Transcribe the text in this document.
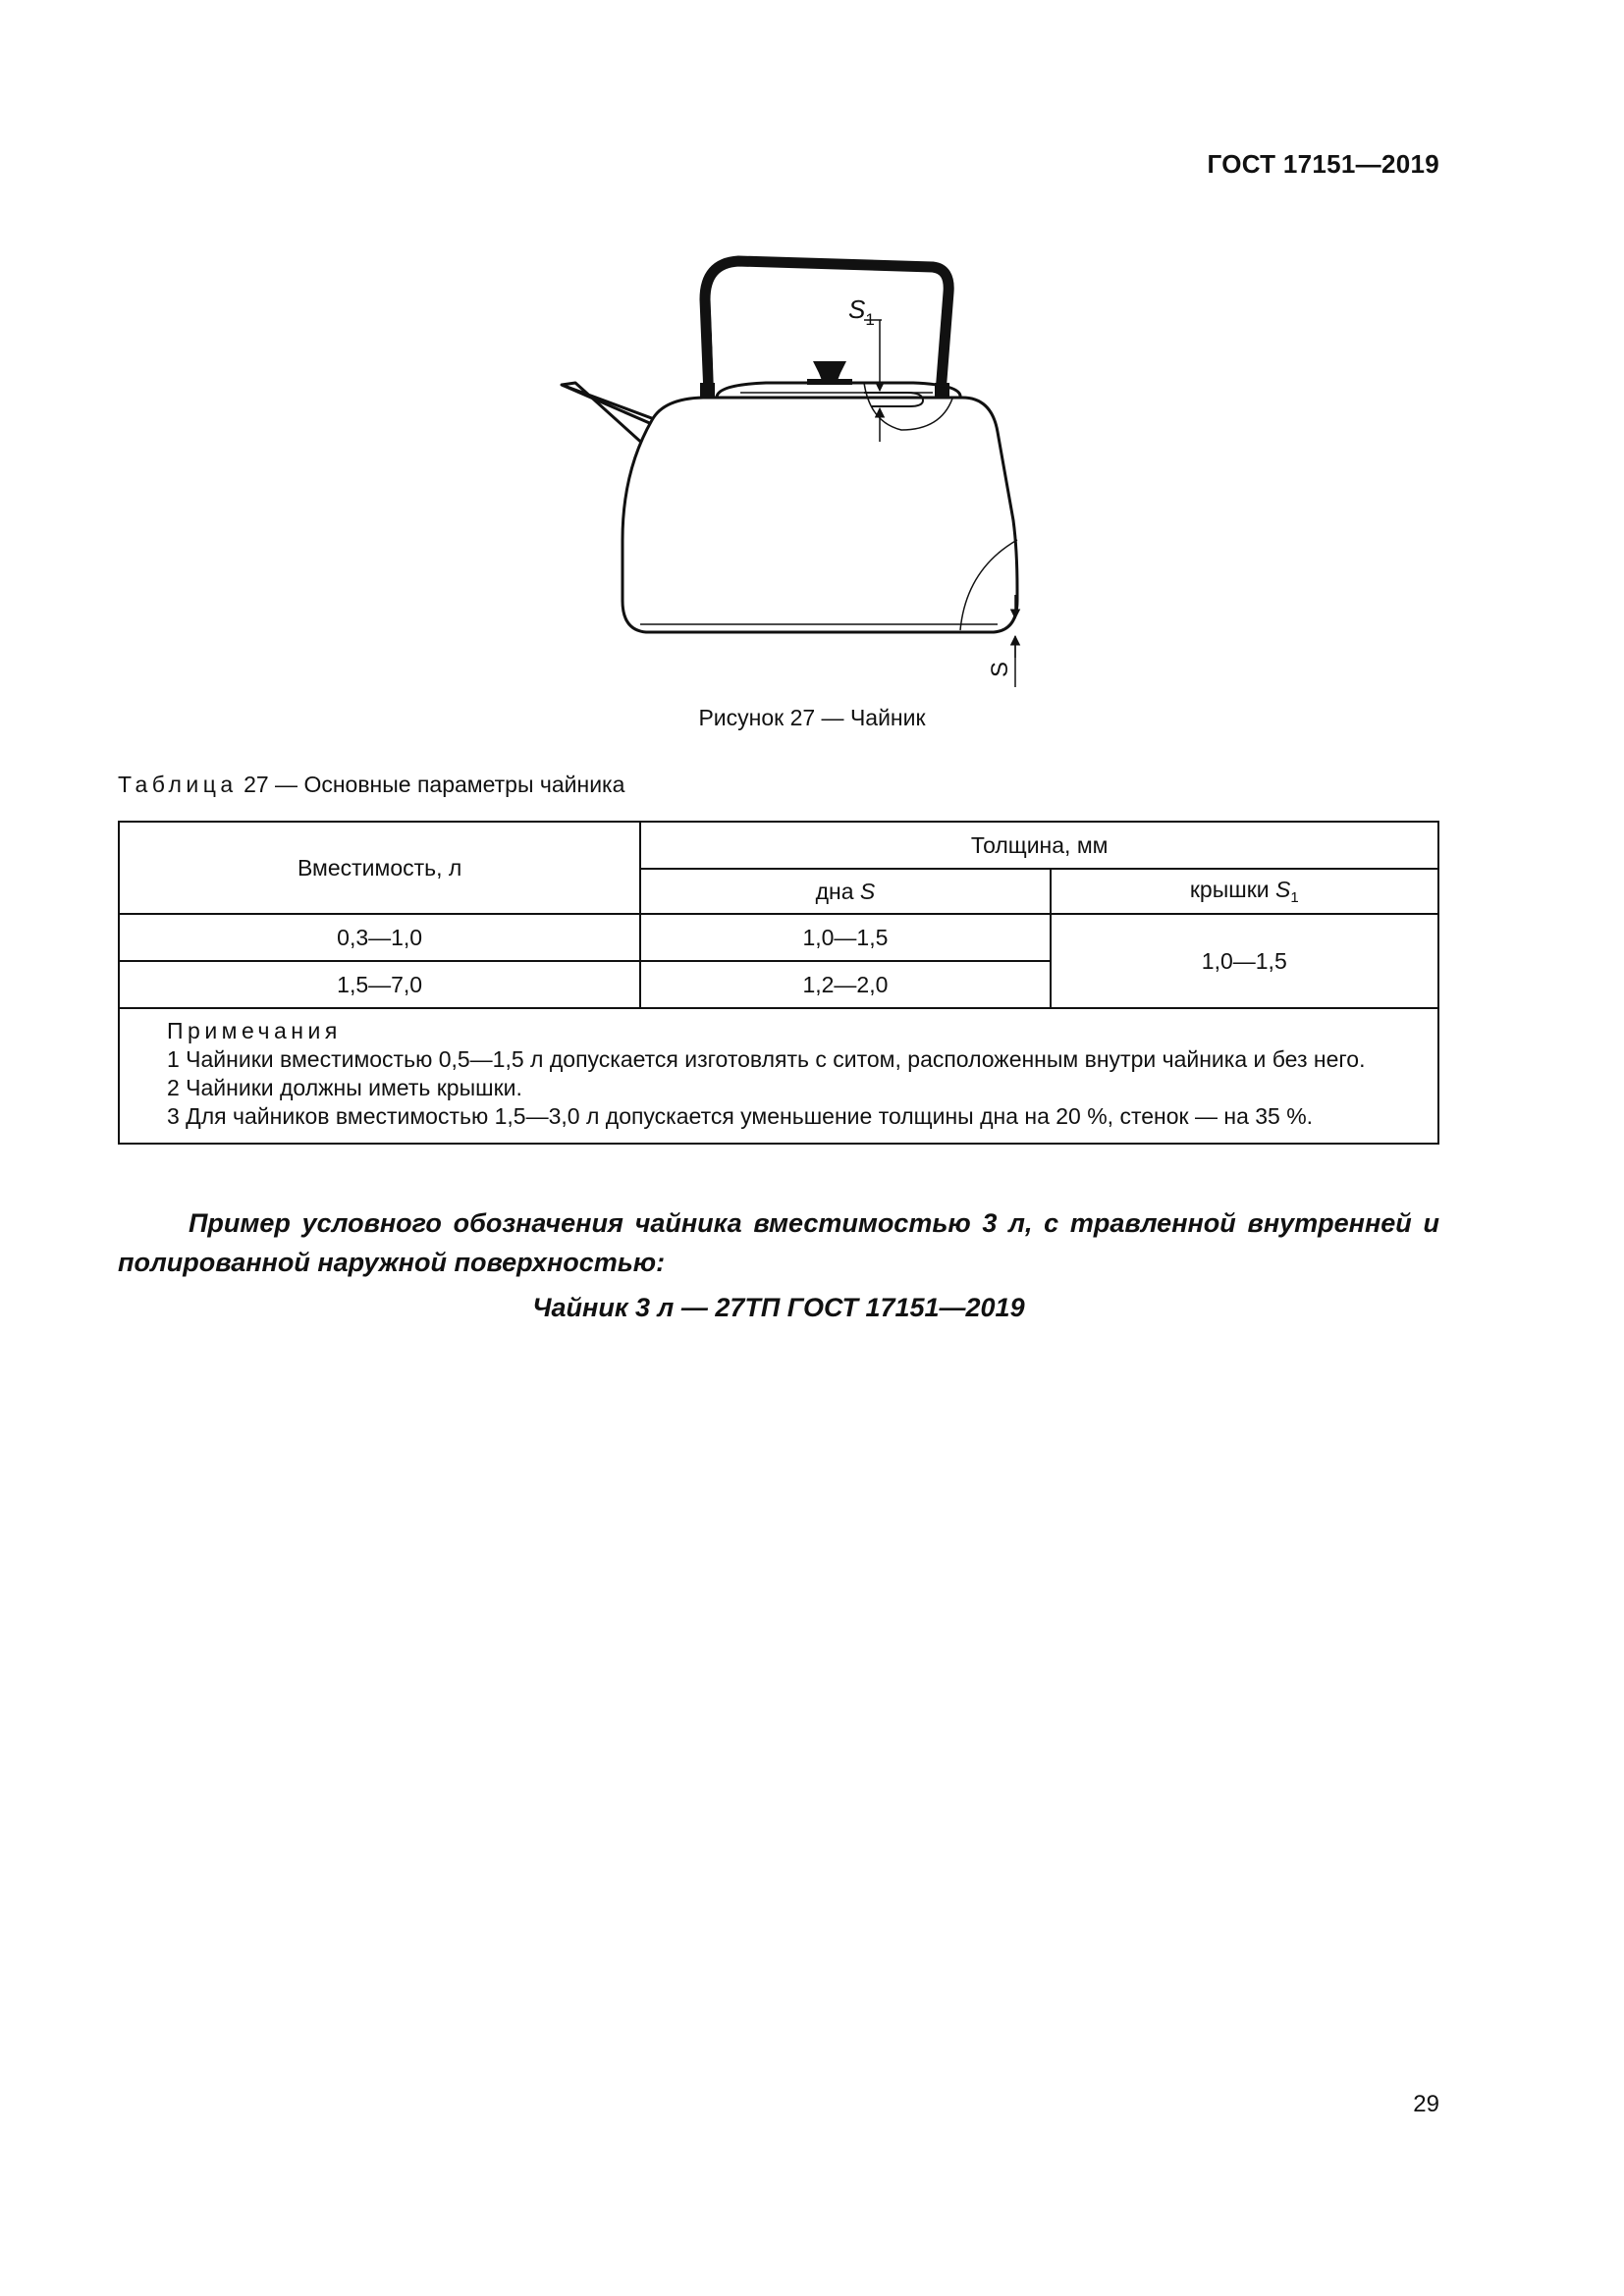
ГОСТ 17151—2019
$S_1$
S
Рисунок 27 — Чайник
Таблица 27 — Основные параметры чайника
Вместимость, л	Толщина, мм	
	дна S	крышки $S_1$
0,3—1,0	1,0—1,5	1,0—1,5
1,5—7,0	1,2—2,0	

Примечания
1 Чайники вместимостью 0,5—1,5 л допускается изготовлять с ситом, расположенным внутри чайника и без него.
2 Чайники должны иметь крышки.
3 Для чайников вместимостью 1,5—3,0 л допускается уменьшение толщины дна на 20 %, стенок — на 35 %.		
Пример условного обозначения чайника вместимостью 3 л, с травленной внутренней и полированной наружной поверхностью:
Чайник 3 л — 27ТП ГОСТ 17151—2019
29
